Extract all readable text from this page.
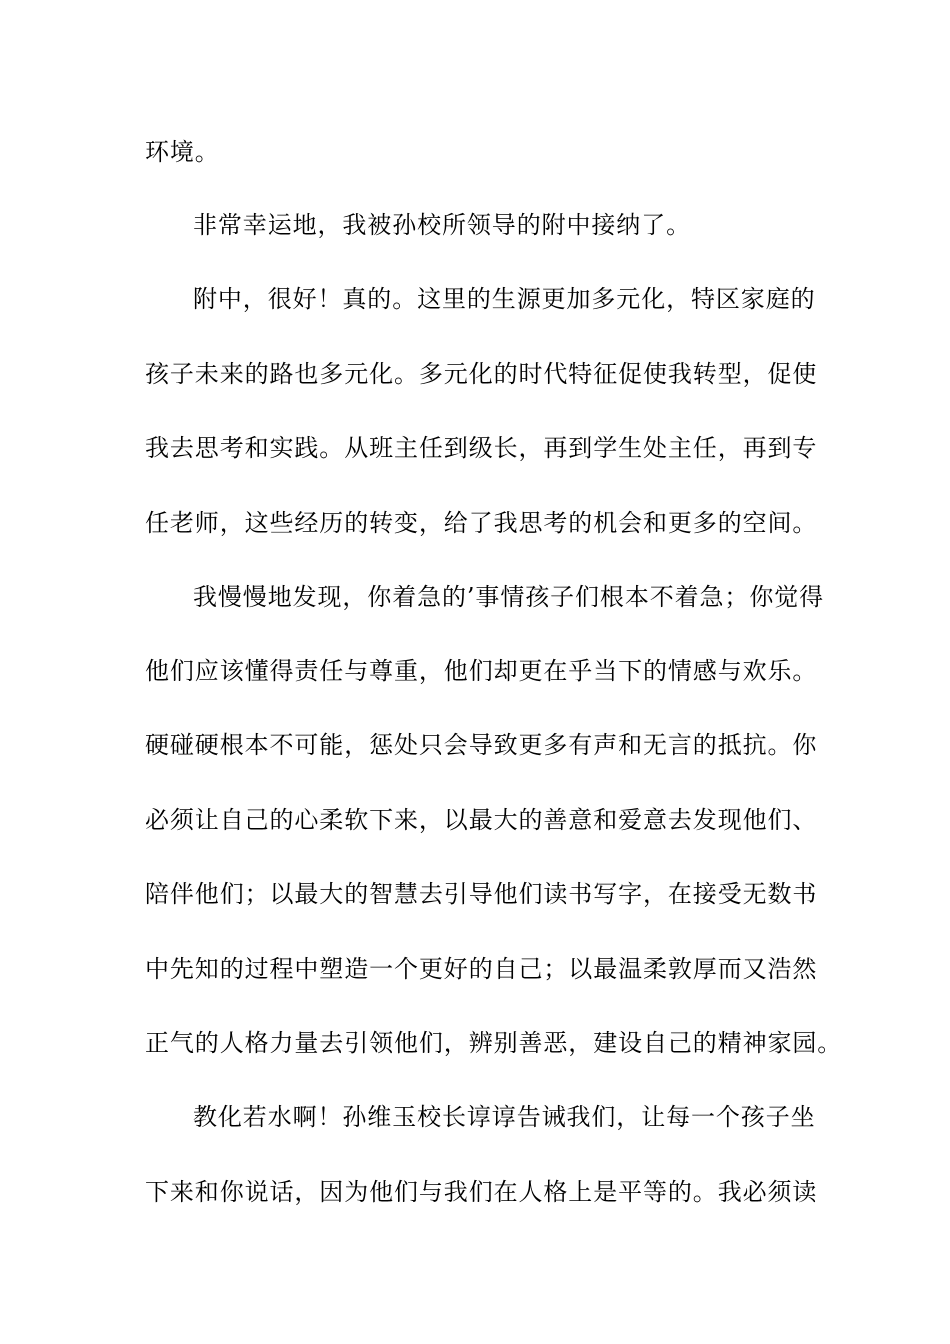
环境。

非常幸运地，我被孙校所领导的附中接纳了。

附中，很好！真的。这里的生源更加多元化，特区家庭的

孩子未来的路也多元化。多元化的时代特征促使我转型，促使

我去思考和实践。从班主任到级长，再到学生处主任，再到专

任老师，这些经历的转变，给了我思考的机会和更多的空间。

我慢慢地发现，你着急的’事情孩子们根本不着急；你觉得

他们应该懂得责任与尊重，他们却更在乎当下的情感与欢乐。

硬碰硬根本不可能，惩处只会导致更多有声和无言的抵抗。你

必须让自己的心柔软下来，以最大的善意和爱意去发现他们、

陪伴他们；以最大的智慧去引导他们读书写字，在接受无数书

中先知的过程中塑造一个更好的自己；以最温柔敦厚而又浩然

正气的人格力量去引领他们，辨别善恶，建设自己的精神家园。

教化若水啊！孙维玉校长谆谆告诫我们，让每一个孩子坐

下来和你说话，因为他们与我们在人格上是平等的。我必须读
